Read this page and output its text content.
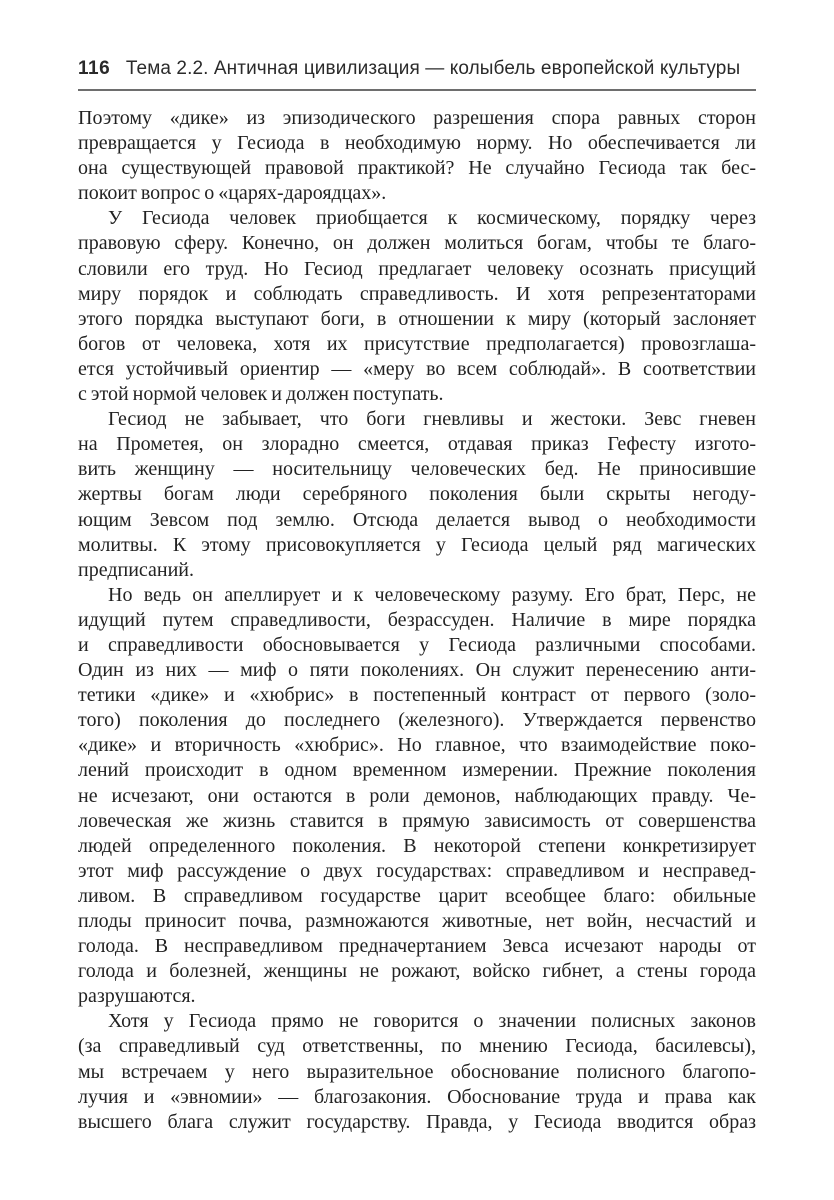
116 Тема 2.2. Античная цивилизация — колыбель европейской культуры
Поэтому «дике» из эпизодического разрешения спора равных сторон
превращается у Гесиода в необходимую норму. Но обеспечивается ли
она существующей правовой практикой? Не случайно Гесиода так бес-
покоит вопрос о «царях-дароядцах».
У Гесиода человек приобщается к космическому, порядку через
правовую сферу. Конечно, он должен молиться богам, чтобы те благо-
словили его труд. Но Гесиод предлагает человеку осознать присущий
миру порядок и соблюдать справедливость. И хотя репрезентаторами
этого порядка выступают боги, в отношении к миру (который заслоняет
богов от человека, хотя их присутствие предполагается) провозглаша-
ется устойчивый ориентир — «меру во всем соблюдай». В соответствии
с этой нормой человек и должен поступать.
Гесиод не забывает, что боги гневливы и жестоки. Зевс гневен
на Прометея, он злорадно смеется, отдавая приказ Гефесту изгото-
вить женщину — носительницу человеческих бед. Не приносившие
жертвы богам люди серебряного поколения были скрыты негоду-
ющим Зевсом под землю. Отсюда делается вывод о необходимости
молитвы. К этому присовокупляется у Гесиода целый ряд магических
предписаний.
Но ведь он апеллирует и к человеческому разуму. Его брат, Перс, не
идущий путем справедливости, безрассуден. Наличие в мире порядка
и справедливости обосновывается у Гесиода различными способами.
Один из них — миф о пяти поколениях. Он служит перенесению анти-
тетики «дике» и «хюбрис» в постепенный контраст от первого (золо-
того) поколения до последнего (железного). Утверждается первенство
«дике» и вторичность «хюбрис». Но главное, что взаимодействие поко-
лений происходит в одном временном измерении. Прежние поколения
не исчезают, они остаются в роли демонов, наблюдающих правду. Че-
ловеческая же жизнь ставится в прямую зависимость от совершенства
людей определенного поколения. В некоторой степени конкретизирует
этот миф рассуждение о двух государствах: справедливом и несправед-
ливом. В справедливом государстве царит всеобщее благо: обильные
плоды приносит почва, размножаются животные, нет войн, несчастий и
голода. В несправедливом предначертанием Зевса исчезают народы от
голода и болезней, женщины не рожают, войско гибнет, а стены города
разрушаются.
Хотя у Гесиода прямо не говорится о значении полисных законов
(за справедливый суд ответственны, по мнению Гесиода, басилевсы),
мы встречаем у него выразительное обоснование полисного благопо-
лучия и «эвномии» — благозакония. Обоснование труда и права как
высшего блага служит государству. Правда, у Гесиода вводится образ
